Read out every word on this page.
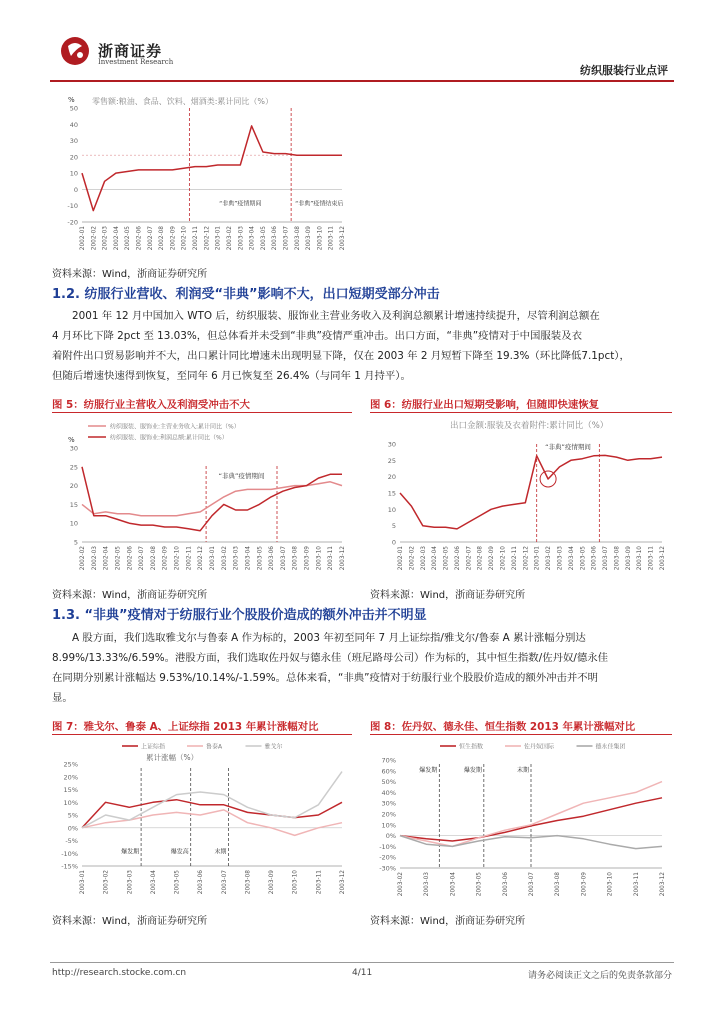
浙商证券
Investment Research
纺织服装行业点评
% 零售额:粮油、食品、饮料、烟酒类:累计同比（%）
-20
-10
0
10
20
30
40
50
2002-01 2002-02 2002-03 2002-04 2002-05 2002-06 2002-07 2002-08 2002-09 2002-10 2002-11 2002-12 2003-01 2003-02 2003-03 2003-04 2003-05 2003-06 2003-07 2003-08 2003-09 2003-10 2003-11 2003-12
“非典”疫情期间	“非典”疫情结束后
资料来源：Wind，浙商证券研究所
1.2. 纺服行业营收、利润受“非典”影响不大，出口短期受部分冲击
2001 年 12 月中国加入 WTO 后，纺织服装、服饰业主营业务收入及利润总额累计增速持续提升，尽管利润总额在
4 月环比下降 2pct 至 13.03%，但总体看并未受到“非典”疫情严重冲击。出口方面，“非典”疫情对于中国服装及衣
着附件出口贸易影响并不大，出口累计同比增速未出现明显下降，仅在 2003 年 2 月短暂下降至 19.3%（环比降低7.1pct），
但随后增速快速得到恢复，至同年 6 月已恢复至 26.4%（与同年 1 月持平）。
图 5：纺服行业主营收入及利润受冲击不大	图 6：纺服行业出口短期受影响，但随即快速恢复
%
5
10
15
20
25
30
2002-02 2002-03 2002-04 2002-05 2002-06 2002-07 2002-08 2002-09 2002-10 2002-11 2002-12 2003-01 2003-02 2003-03 2003-04 2003-05 2003-06 2003-07 2003-08 2003-09 2003-10 2003-11 2003-12
“非典”疫情期间
纺织服装、服饰业:主营业务收入:累计同比（%）
纺织服装、服饰业:利润总额:累计同比（%）
出口金额:服装及衣着附件:累计同比（%）
0
5
10
15
20
25
30
2002-01 2002-02 2002-03 2002-04 2002-05 2002-06 2002-07 2002-08 2002-09 2002-10 2002-11 2002-12 2003-01 2003-02 2003-03 2003-04 2003-05 2003-06 2003-07 2003-08 2003-09 2003-10 2003-11 2003-12
“非典”疫情期间
资料来源：Wind，浙商证券研究所	资料来源：Wind，浙商证券研究所
1.3. “非典”疫情对于纺服行业个股股价造成的额外冲击并不明显
A 股方面，我们选取雅戈尔与鲁泰 A 作为标的，2003 年初至同年 7 月上证综指/雅戈尔/鲁泰 A 累计涨幅分别达
8.99%/13.33%/6.59%。港股方面，我们选取佐丹奴与德永佳（班尼路母公司）作为标的，其中恒生指数/佐丹奴/德永佳
在同期分别累计涨幅达 9.53%/10.14%/-1.59%。总体来看，“非典”疫情对于纺服行业个股股价造成的额外冲击并不明
显。
图 7：雅戈尔、鲁泰 A、上证综指 2013 年累计涨幅对比	图 8：佐丹奴、德永佳、恒生指数 2013 年累计涨幅对比
累计涨幅（%）
-15%
-10%
-5%
0%
5%
10%
15%
20%
25%
2003-01	2003-02	2003-03	2003-04	2003-05	2003-06	2003-07	2003-08	2003-09	2003-10	2003-11	2003-12
爆发期	爆发高	末期
上证综指	鲁泰A	雅戈尔
-30%
-20%
-10%
0%
10%
20%
30%
40%
50%
60%
70%
2003-02	2003-03	2003-04	2003-05	2003-06	2003-07	2003-08	2003-09	2003-10	2003-11	2003-12
爆发期	爆发期	末期
恒生指数	佐丹奴国际	德永佳集团
资料来源：Wind，浙商证券研究所	资料来源：Wind，浙商证券研究所
http://research.stocke.com.cn	4/11	请务必阅读正文之后的免责条款部分
